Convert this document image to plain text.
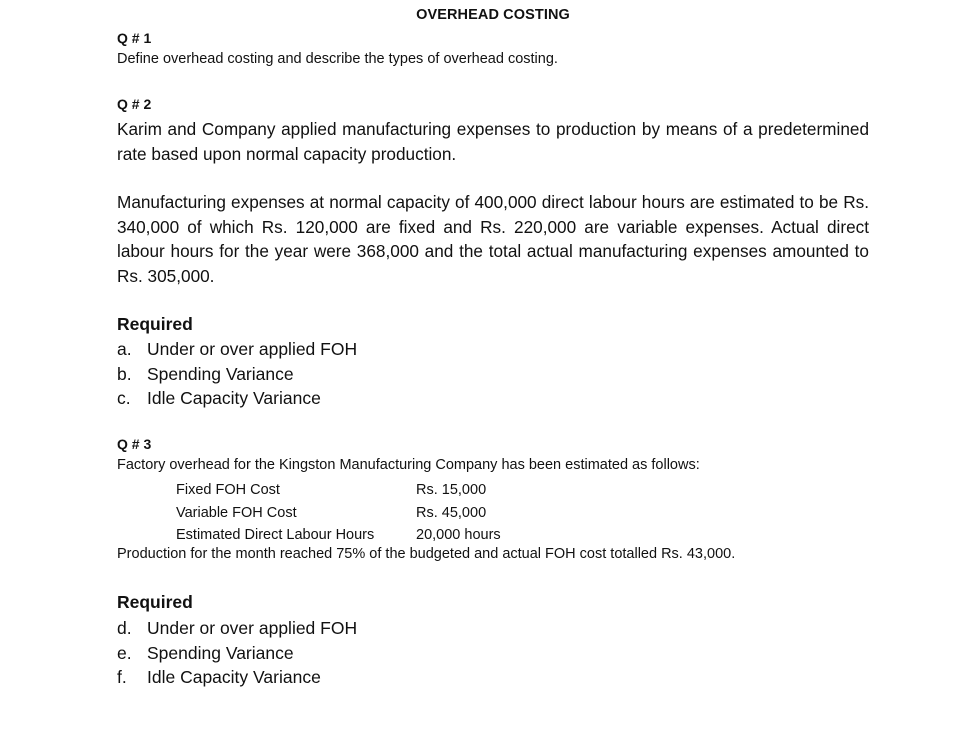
OVERHEAD COSTING
Q # 1
Define overhead costing and describe the types of overhead costing.
Q # 2

Karim and Company applied manufacturing expenses to production by means of a predetermined rate based upon normal capacity production.

Manufacturing expenses at normal capacity of 400,000 direct labour hours are estimated to be Rs. 340,000 of which Rs. 120,000 are fixed and Rs. 220,000 are variable expenses. Actual direct labour hours for the year were 368,000 and the total actual manufacturing expenses amounted to Rs. 305,000.

Required
a. Under or over applied FOH
b. Spending Variance
c. Idle Capacity Variance
Q # 3
Factory overhead for the Kingston Manufacturing Company has been estimated as follows:
Fixed FOH Cost	Rs. 15,000
Variable FOH Cost	Rs. 45,000
Estimated Direct Labour Hours	20,000 hours
Production for the month reached 75% of the budgeted and actual FOH cost totalled Rs. 43,000.
Required
d. Under or over applied FOH
e. Spending Variance
f. Idle Capacity Variance
